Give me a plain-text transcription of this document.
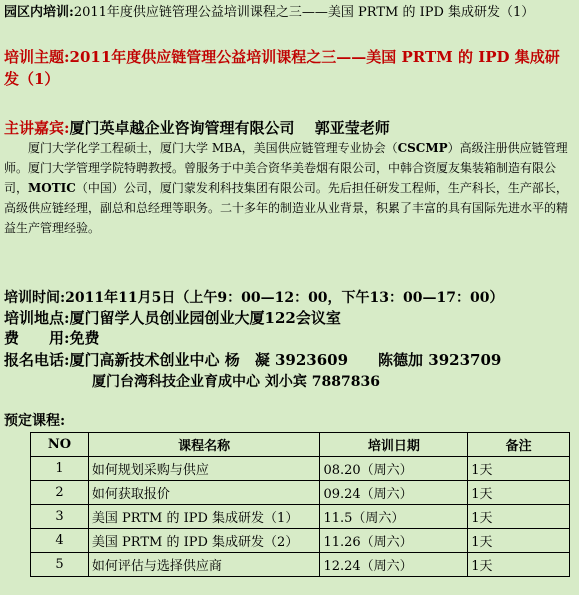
园区内培训:2011年度供应链管理公益培训课程之三——美国 PRTM 的 IPD 集成研发（1）
培训主题:2011年度供应链管理公益培训课程之三——美国 PRTM 的 IPD 集成研发（1）
主讲嘉宾:厦门英卓越企业咨询管理有限公司　 郭亚莹老师
厦门大学化学工程硕士，厦门大学 MBA，美国供应链管理专业协会（CSCMP）高级注册供应链管理师。厦门大学管理学院特聘教授。曾服务于中美合资华美卷烟有限公司，中韩合资厦友集装箱制造有限公司，MOTIC（中国）公司，厦门蒙发利科技集团有限公司。先后担任研发工程师，生产科长，生产部长，高级供应链经理，副总和总经理等职务。二十多年的制造业从业背景，积累了丰富的具有国际先进水平的精益生产管理经验。
培训时间:2011年11月5日（上午9：00—12：00，下午13：00—17：00）
培训地点:厦门留学人员创业园创业大厦122会议室
费　　用:免费
报名电话:厦门高新技术创业中心 杨　凝 3923609　　陈德加 3923709
厦门台湾科技企业育成中心 刘小宾 7887836
预定课程:
NO	课程名称	培训日期	备注
1	如何规划采购与供应	08.20（周六）	1天
2	如何获取报价	09.24（周六）	1天
3	美国 PRTM 的 IPD 集成研发（1）	11.5（周六）	1天
4	美国 PRTM 的 IPD 集成研发（2）	11.26（周六）	1天
5	如何评估与选择供应商	12.24（周六）	1天
